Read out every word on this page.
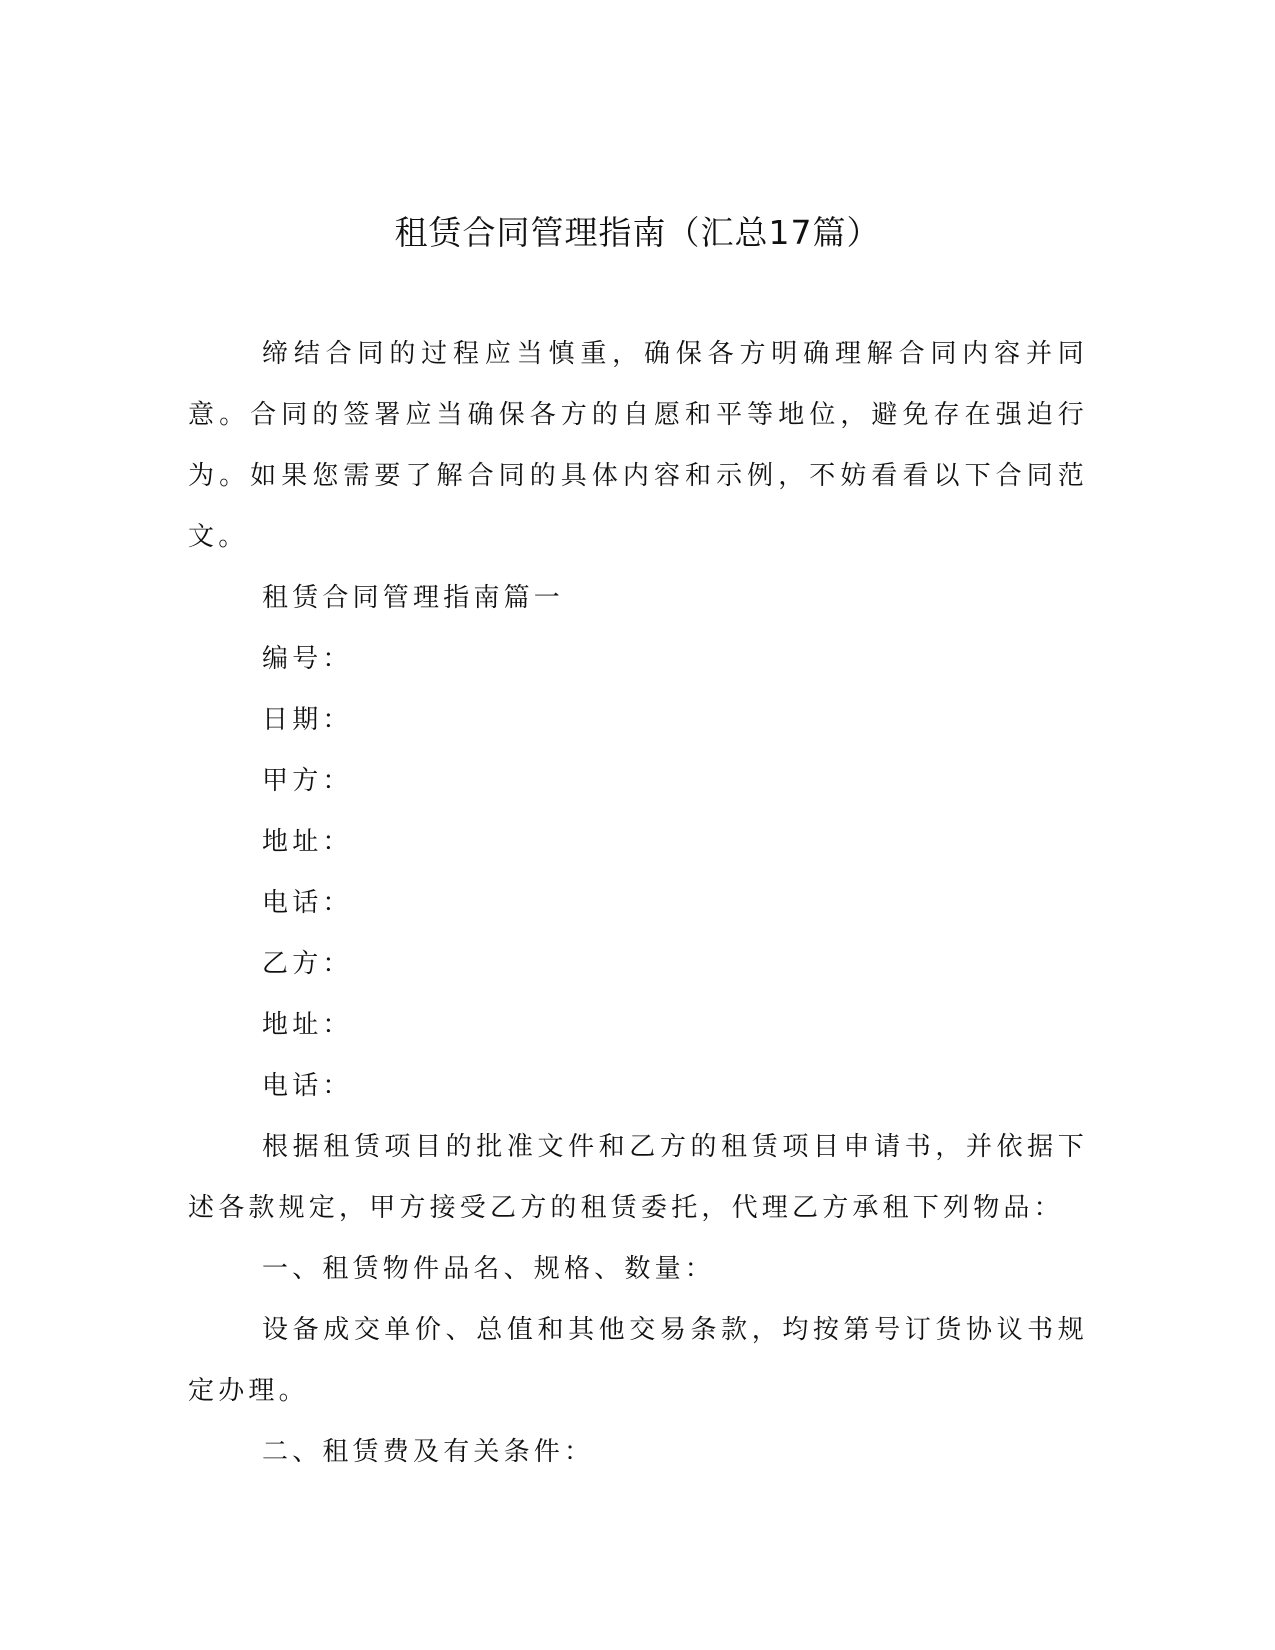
租赁合同管理指南（汇总17篇）

缔结合同的过程应当慎重，确保各方明确理解合同内容并同意。合同的签署应当确保各方的自愿和平等地位，避免存在强迫行为。如果您需要了解合同的具体内容和示例，不妨看看以下合同范文。

租赁合同管理指南篇一

编号：

日期：

甲方：

地址：

电话：

乙方：

地址：

电话：

根据租赁项目的批准文件和乙方的租赁项目申请书，并依据下述各款规定，甲方接受乙方的租赁委托，代理乙方承租下列物品：

一、租赁物件品名、规格、数量：

设备成交单价、总值和其他交易条款，均按第号订货协议书规定办理。

二、租赁费及有关条件：
